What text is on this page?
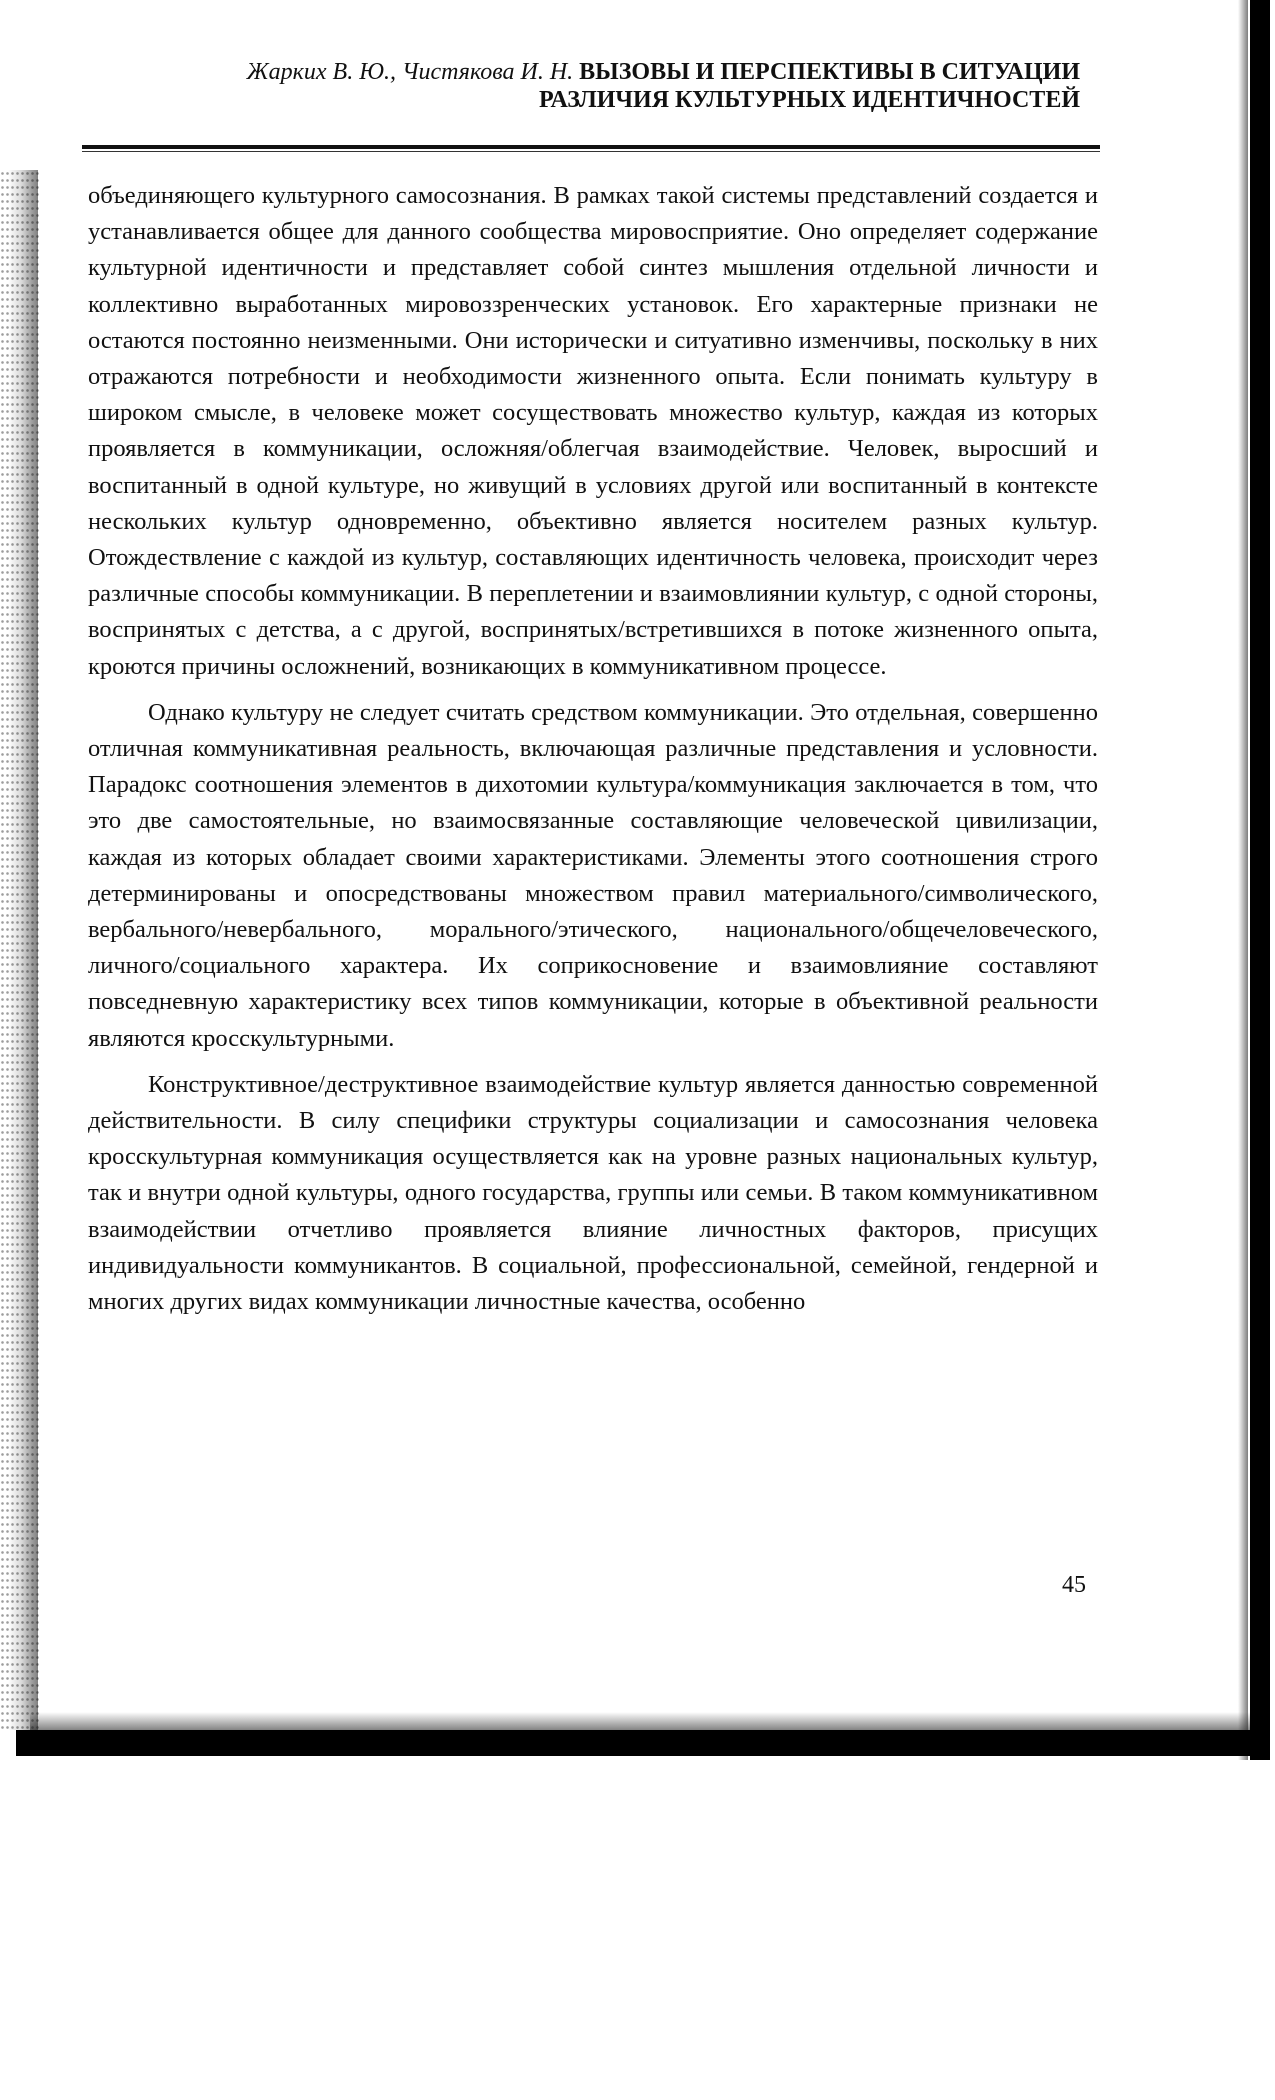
Жарких В. Ю., Чистякова И. Н. ВЫЗОВЫ И ПЕРСПЕКТИВЫ В СИТУАЦИИ
РАЗЛИЧИЯ КУЛЬТУРНЫХ ИДЕНТИЧНОСТЕЙ

объединяющего культурного самосознания. В рамках такой системы представлений создается и устанавливается общее для данного сообщества мировосприятие. Оно определяет содержание культурной идентичности и представляет собой синтез мышления отдельной личности и коллективно выработанных мировоззренческих установок. Его характерные признаки не остаются постоянно неизменными. Они исторически и ситуативно изменчивы, поскольку в них отражаются потребности и необходимости жизненного опыта. Если понимать культуру в широком смысле, в человеке может сосуществовать множество культур, каждая из которых проявляется в коммуникации, осложняя/облегчая взаимодействие. Человек, выросший и воспитанный в одной культуре, но живущий в условиях другой или воспитанный в контексте нескольких культур одновременно, объективно является носителем разных культур. Отождествление с каждой из культур, составляющих идентичность человека, происходит через различные способы коммуникации. В переплетении и взаимовлиянии культур, с одной стороны, воспринятых с детства, а с другой, воспринятых/встретившихся в потоке жизненного опыта, кроются причины осложнений, возникающих в коммуникативном процессе.

Однако культуру не следует считать средством коммуникации. Это отдельная, совершенно отличная коммуникативная реальность, включающая различные представления и условности. Парадокс соотношения элементов в дихотомии культура/коммуникация заключается в том, что это две самостоятельные, но взаимосвязанные составляющие человеческой цивилизации, каждая из которых обладает своими характеристиками. Элементы этого соотношения строго детерминированы и опосредствованы множеством правил материального/символического, вербального/невербального, морального/этического, национального/общечеловеческого, личного/социального характера. Их соприкосновение и взаимовлияние составляют повседневную характеристику всех типов коммуникации, которые в объективной реальности являются кросскультурными.

Конструктивное/деструктивное взаимодействие культур является данностью современной действительности. В силу специфики структуры социализации и самосознания человека кросскультурная коммуникация осуществляется как на уровне разных национальных культур, так и внутри одной культуры, одного государства, группы или семьи. В таком коммуникативном взаимодействии отчетливо проявляется влияние личностных факторов, присущих индивидуальности коммуникантов. В социальной, профессиональной, семейной, гендерной и многих других видах коммуникации личностные качества, особенно

45
